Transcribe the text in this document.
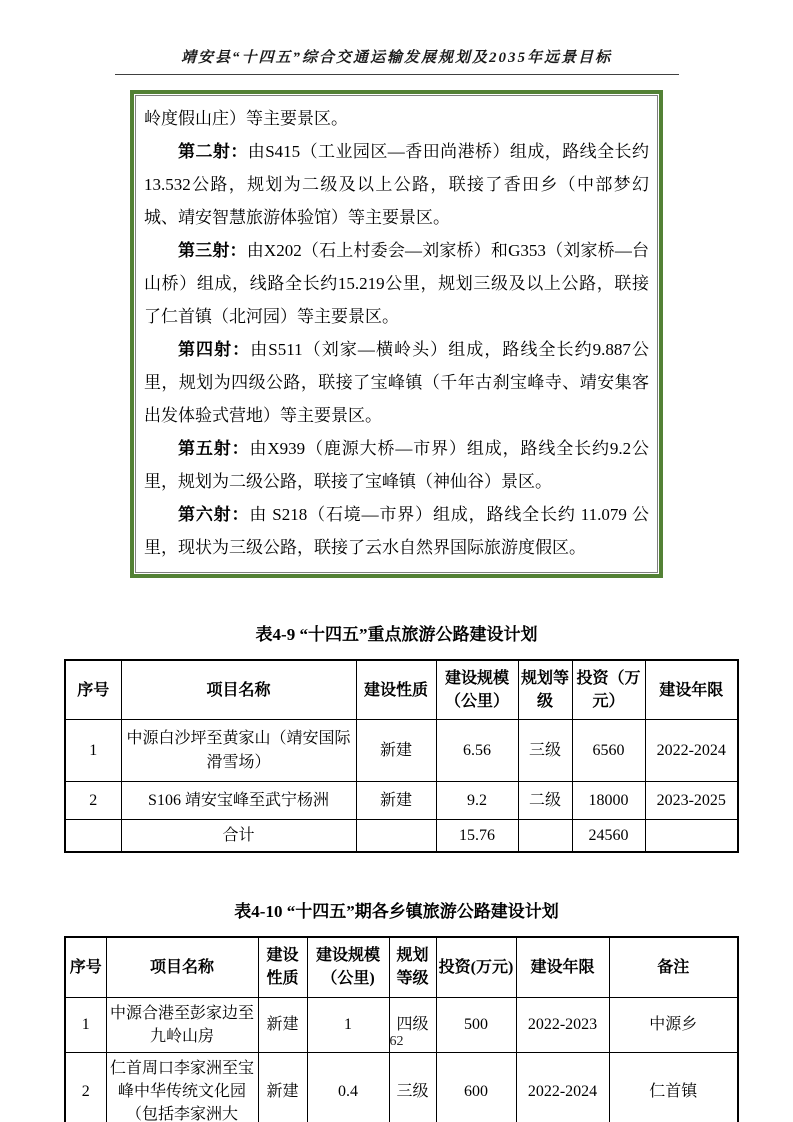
靖安县“十四五”综合交通运输发展规划及2035年远景目标

岭度假山庄）等主要景区。

第二射：由S415（工业园区—香田尚港桥）组成，路线全长约13.532公路，规划为二级及以上公路，联接了香田乡（中部梦幻城、靖安智慧旅游体验馆）等主要景区。

第三射：由X202（石上村委会—刘家桥）和G353（刘家桥—台山桥）组成，线路全长约15.219公里，规划三级及以上公路，联接了仁首镇（北河园）等主要景区。

第四射：由S511（刘家—横岭头）组成，路线全长约9.887公里，规划为四级公路，联接了宝峰镇（千年古刹宝峰寺、靖安集客出发体验式营地）等主要景区。

第五射：由X939（鹿源大桥—市界）组成，路线全长约9.2公里，规划为二级公路，联接了宝峰镇（神仙谷）景区。

第六射：由 S218（石境—市界）组成，路线全长约 11.079 公里，现状为三级公路，联接了云水自然界国际旅游度假区。

表4-9 “十四五”重点旅游公路建设计划
序号	项目名称	建设性质	建设规模（公里）	规划等级	投资（万元）	建设年限
1	中源白沙坪至黄家山（靖安国际滑雪场）	新建	6.56	三级	6560	2022-2024
2	S106 靖安宝峰至武宁杨洲	新建	9.2	二级	18000	2023-2025
	合计		15.76		24560	
表4-10 “十四五”期各乡镇旅游公路建设计划
序号	项目名称	建设性质	建设规模（公里)	规划等级	投资(万元)	建设年限	备注
1	中源合港至彭家边至九岭山房	新建	1	四级	500	2022-2023	中源乡
2	仁首周口李家洲至宝峰中华传统文化园（包括李家洲大	新建	0.4	三级	600	2022-2024	仁首镇
62
